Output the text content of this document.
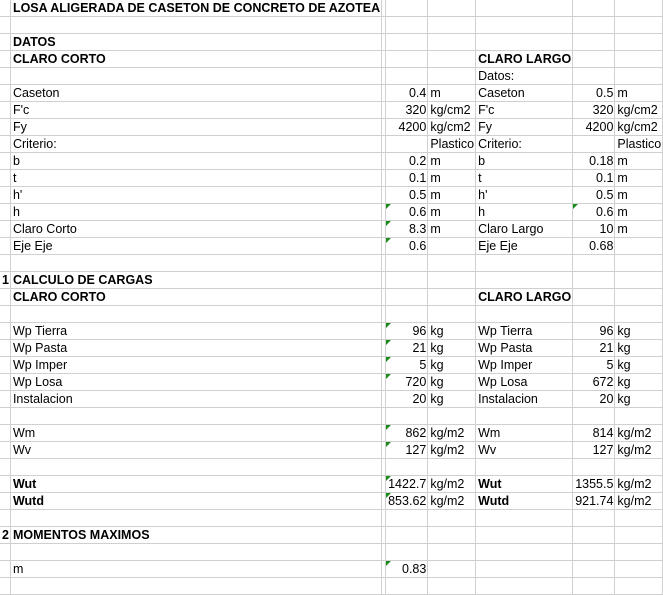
	LOSA ALIGERADA DE CASETON DE CONCRETO DE AZOTEA						

	DATOS						
	CLARO CORTO				CLARO LARGO		
					Datos:		
	Caseton		0.4	m	Caseton	0.5	m
	F'c		320	kg/cm2	F'c	320	kg/cm2
	Fy		4200	kg/cm2	Fy	4200	kg/cm2
	Criterio:			Plastico	Criterio:		Plastico
	b		0.2	m	b	0.18	m
	t		0.1	m	t	0.1	m
	h'		0.5	m	h'	0.5	m
	h		0.6	m	h	0.6	m
	Claro Corto		8.3	m	Claro Largo	10	m
	Eje Eje		0.6		Eje Eje	0.68	

1	CALCULO DE CARGAS						
	CLARO CORTO				CLARO LARGO		

	Wp Tierra		96	kg	Wp Tierra	96	kg
	Wp Pasta		21	kg	Wp Pasta	21	kg
	Wp Imper		5	kg	Wp Imper	5	kg
	Wp Losa		720	kg	Wp Losa	672	kg
	Instalacion		20	kg	Instalacion	20	kg

	Wm		862	kg/m2	Wm	814	kg/m2
	Wv		127	kg/m2	Wv	127	kg/m2

	Wut		1422.7	kg/m2	Wut	1355.5	kg/m2
	Wutd		853.62	kg/m2	Wutd	921.74	kg/m2

2	MOMENTOS MAXIMOS						

	m		0.83				
